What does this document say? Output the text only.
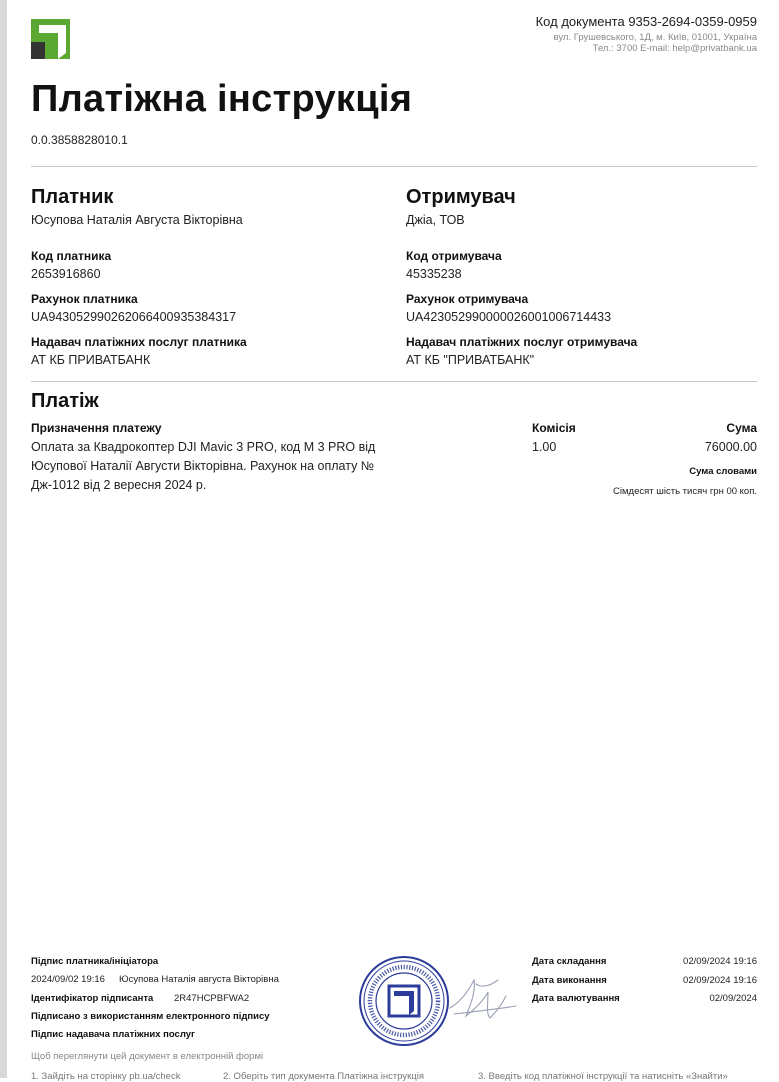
Код документа 9353-2694-0359-0959
вул. Грушевського, 1Д, м. Київ, 01001, Україна
Тел.: 3700 E-mail: help@privatbank.ua
Платіжна інструкція
0.0.3858828010.1
Платник
Юсупова Наталія Августа Вікторівна
Код платника
2653916860
Рахунок платника
UA943052990262066400935384317
Надавач платіжних послуг платника
АТ КБ ПРИВАТБАНК
Отримувач
Джіа, ТОВ
Код отримувача
45335238
Рахунок отримувача
UA423052990000026001006714433
Надавач платіжних послуг отримувача
АТ КБ "ПРИВАТБАНК"
Платіж
Призначення платежу
Оплата за Квадрокоптер DJI Mavic 3 PRO, код M 3 PRO від Юсупової Наталії Августи Вікторівна. Рахунок на оплату № Дж-1012 від 2 вересня 2024 р.
Комісія
1.00
Сума
76000.00
Сума словами
Сімдесят шість тисяч грн 00 коп.
Підпис платника/ініціатора
2024/09/02 19:16 Юсупова Наталія августа Вікторівна
Ідентифікатор підписанта 2R47HCPBFWA2
Підписано з використанням електронного підпису
Підпис надавача платіжних послуг
Щоб переглянути цей документ в електронній формі
1. Зайдіть на сторінку pb.ua/check	2. Оберіть тип документа Платіжна інструкція	3. Введіть код платіжної інструкції та натисніть «Знайти»
Дата складання	02/09/2024 19:16
Дата виконання	02/09/2024 19:16
Дата валютування	02/09/2024
